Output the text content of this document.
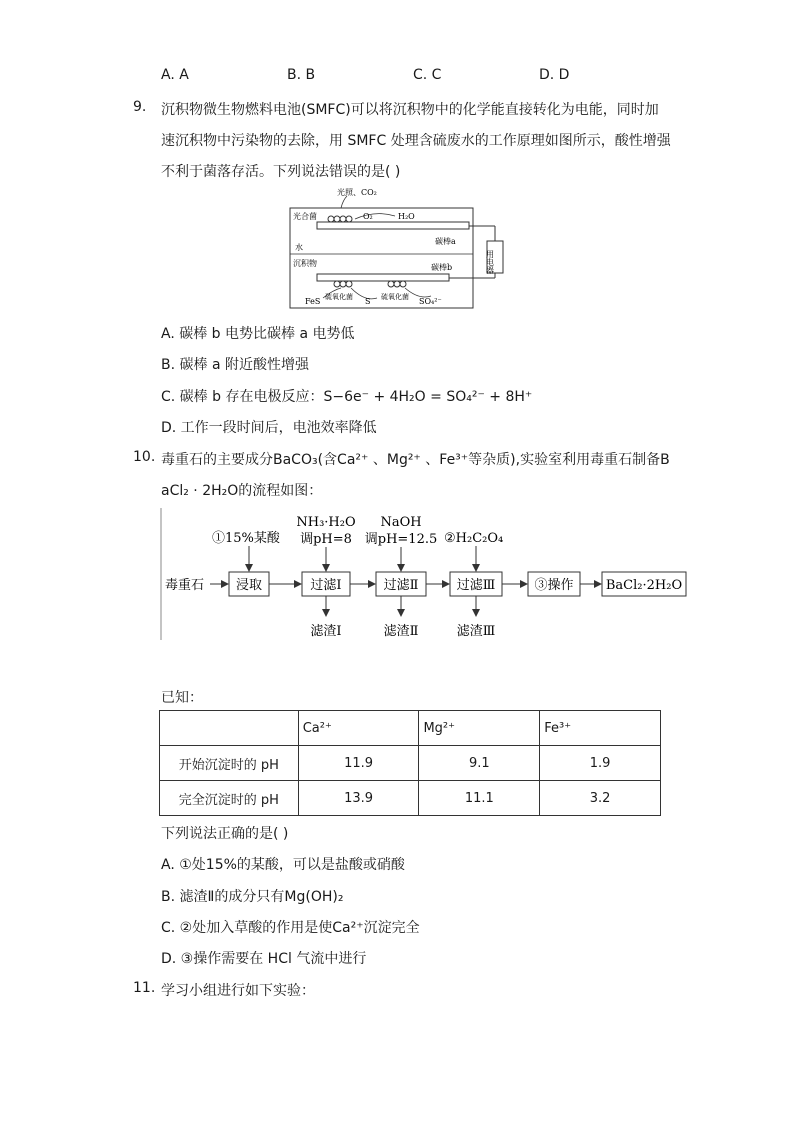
A. A	B. B	C. C	D. D
9. 沉积物微生物燃料电池(SMFC)可以将沉积物中的化学能直接转化为电能，同时加
速沉积物中污染物的去除，用 SMFC 处理含硫废水的工作原理如图所示，酸性增强
不利于菌落存活。下列说法错误的是( )
光照、CO₂
光合菌	O₂	H₂O
碳棒a
水
沉积物	碳棒b	用电器
FeS 硫氧化菌 S 硫氧化菌 SO₄²⁻
A. 碳棒 b 电势比碳棒 a 电势低
B. 碳棒 a 附近酸性增强
C. 碳棒 b 存在电极反应：S−6e⁻ + 4H₂O = SO₄²⁻ + 8H⁺
D. 工作一段时间后，电池效率降低
10. 毒重石的主要成分BaCO₃(含Ca²⁺ 、Mg²⁺ 、Fe³⁺等杂质),实验室利用毒重石制备B
aCl₂ · 2H₂O的流程如图：
毒重石 浸取	过滤Ⅰ	过滤Ⅱ	过滤Ⅲ	③操作 BaCl₂·2H₂O
①15%某酸
NH₃·H₂O
调pH=8
NaOH
调pH=12.5 ②H₂C₂O₄
滤渣Ⅰ	滤渣Ⅱ	滤渣Ⅲ
已知：
	Ca²⁺	Mg²⁺	Fe³⁺
开始沉淀时的 pH	11.9	9.1	1.9
完全沉淀时的 pH	13.9	11.1	3.2
下列说法正确的是( )
A. ①处15%的某酸，可以是盐酸或硝酸
B. 滤渣Ⅱ的成分只有Mg(OH)₂
C. ②处加入草酸的作用是使Ca²⁺沉淀完全
D. ③操作需要在 HCl 气流中进行
11. 学习小组进行如下实验：
